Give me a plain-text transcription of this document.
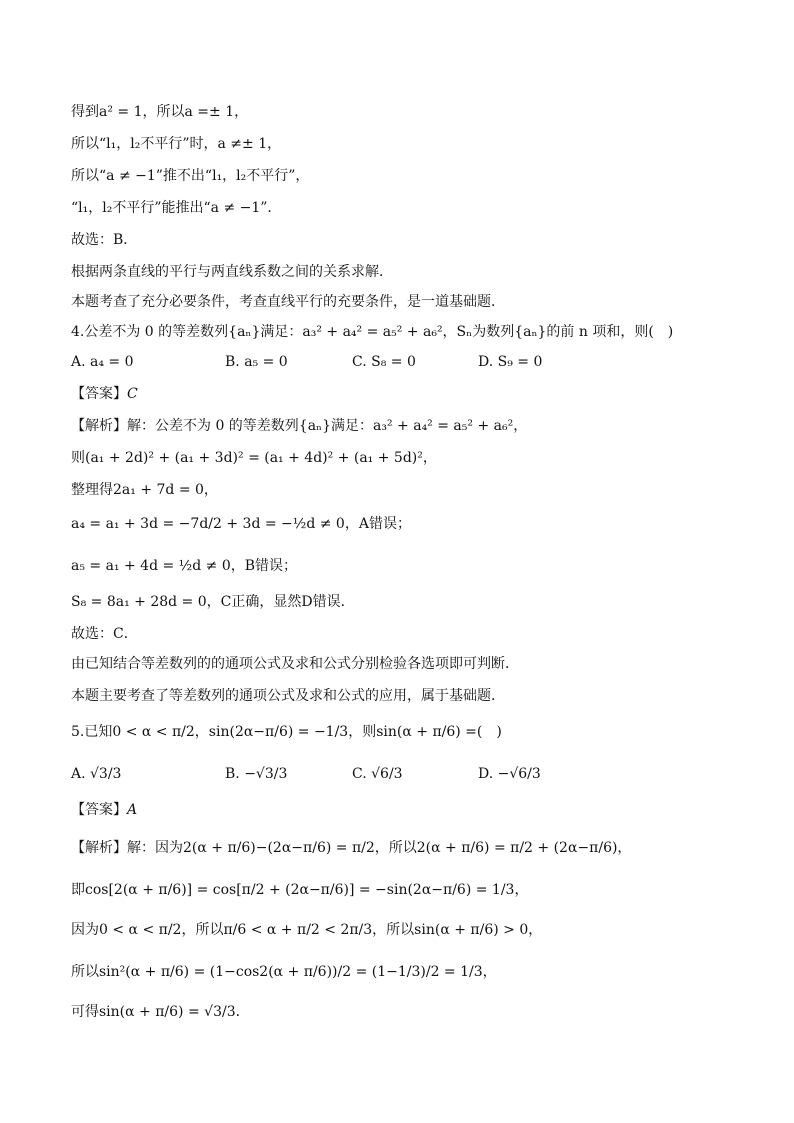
得到a² = 1，所以a =± 1，
所以“l₁，l₂不平行”时，a ≠± 1，
所以“a ≠ −1”推不出“l₁，l₂不平行”，
“l₁，l₂不平行”能推出“a ≠ −1”．
故选：B．
根据两条直线的平行与两直线系数之间的关系求解．
本题考查了充分必要条件，考查直线平行的充要条件，是一道基础题．
4.公差不为 0 的等差数列{aₙ}满足：a₃² + a₄² = a₅² + a₆²，Sₙ为数列{aₙ}的前 n 项和，则(　)
A. a₄ = 0	B. a₅ = 0	C. S₈ = 0	D. S₉ = 0
【答案】C
【解析】解：公差不为 0 的等差数列{aₙ}满足：a₃² + a₄² = a₅² + a₆²，
则(a₁ + 2d)² + (a₁ + 3d)² = (a₁ + 4d)² + (a₁ + 5d)²，
整理得2a₁ + 7d = 0，
a₄ = a₁ + 3d = −7d/2 + 3d = −½d ≠ 0，A错误；
a₅ = a₁ + 4d = ½d ≠ 0，B错误；
S₈ = 8a₁ + 28d = 0，C正确，显然D错误．
故选：C．
由已知结合等差数列的的通项公式及求和公式分别检验各选项即可判断．
本题主要考查了等差数列的通项公式及求和公式的应用，属于基础题．
5.已知0 < α < π/2，sin(2α−π/6) = −1/3，则sin(α + π/6) =(　)
A. √3/3	B. −√3/3	C. √6/3	D. −√6/3
【答案】A
【解析】解：因为2(α + π/6)−(2α−π/6) = π/2，所以2(α + π/6) = π/2 + (2α−π/6)，
即cos[2(α + π/6)] = cos[π/2 + (2α−π/6)] = −sin(2α−π/6) = 1/3，
因为0 < α < π/2，所以π/6 < α + π/2 < 2π/3，所以sin(α + π/6) > 0，
所以sin²(α + π/6) = (1−cos2(α + π/6))/2 = (1−1/3)/2 = 1/3，
可得sin(α + π/6) = √3/3．
